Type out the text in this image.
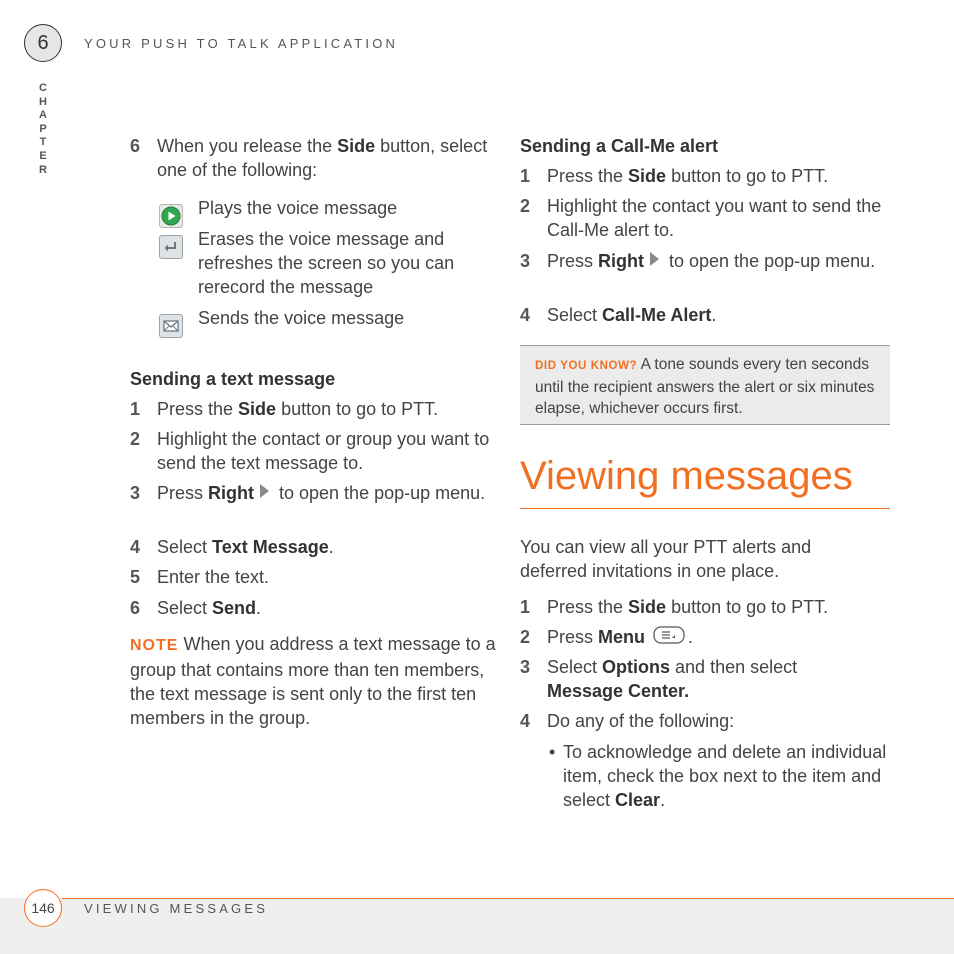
6	YOUR PUSH TO TALK APPLICATION
C
H
A
P
T
E
R
6 When you release the Side button, select one of the following:
Plays the voice message
Erases the voice message and refreshes the screen so you can rerecord the message
Sends the voice message
Sending a text message
1 Press the Side button to go to PTT.
2 Highlight the contact or group you want to send the text message to.
3 Press Right to open the pop-up menu.
4 Select Text Message.
5 Enter the text.
6 Select Send.
NOTE When you address a text message to a group that contains more than ten members, the text message is sent only to the first ten members in the group.
Sending a Call-Me alert
1 Press the Side button to go to PTT.
2 Highlight the contact you want to send the Call-Me alert to.
3 Press Right to open the pop-up menu.
4 Select Call-Me Alert.
DID YOU KNOW? A tone sounds every ten seconds until the recipient answers the alert or six minutes elapse, whichever occurs first.
Viewing messages
You can view all your PTT alerts and deferred invitations in one place.
1 Press the Side button to go to PTT.
2 Press Menu .
3 Select Options and then select
Message Center.
4 Do any of the following:
• To acknowledge and delete an individual item, check the box next to the item and select Clear.
146	VIEWING MESSAGES
